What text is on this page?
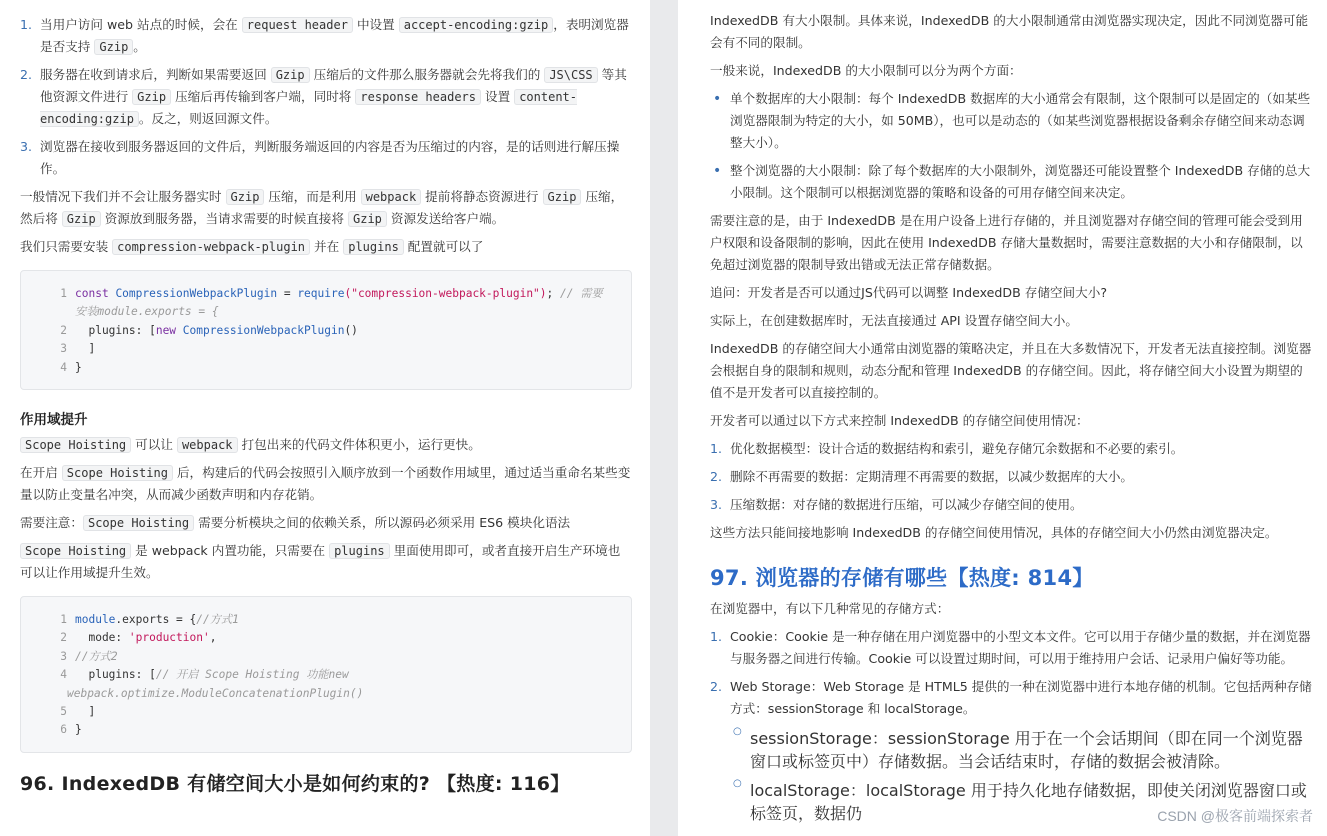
1. 当用户访问 web 站点的时候，会在 request header 中设置 accept-encoding:gzip ，表明浏览器是否支持 Gzip 。
2. 服务器在收到请求后，判断如果需要返回 Gzip 压缩后的文件那么服务器就会先将我们的 JS\CSS 等其他资源文件进行 Gzip 压缩后再传输到客户端，同时将 response headers 设置 content-encoding:gzip 。反之，则返回源文件。
3. 浏览器在接收到服务器返回的文件后，判断服务端返回的内容是否为压缩过的内容，是的话则进行解压操作。

一般情况下我们并不会让服务器实时 Gzip 压缩，而是利用 webpack 提前将静态资源进行 Gzip 压缩，然后将 Gzip 资源放到服务器，当请求需要的时候直接将 Gzip 资源发送给客户端。

我们只需要安装 compression-webpack-plugin 并在 plugins 配置就可以了

1 const CompressionWebpackPlugin = require("compression-webpack-plugin"); // 需要
安装module.exports = {
2  plugins: [new CompressionWebpackPlugin()
3  ]
4 }
作用域提升

Scope Hoisting 可以让 webpack 打包出来的代码文件体积更小，运行更快。

在开启 Scope Hoisting 后，构建后的代码会按照引入顺序放到一个函数作用域里，通过适当重命名某些变量以防止变量名冲突，从而减少函数声明和内存花销。

需要注意： Scope Hoisting 需要分析模块之间的依赖关系，所以源码必须采用 ES6 模块化语法

Scope Hoisting 是 webpack 内置功能，只需要在 plugins 里面使用即可，或者直接开启生产环境也可以让作用域提升生效。

1 module.exports = {//方式1
2  mode: 'production',
3 //方式2
4  plugins: [// 开启 Scope Hoisting 功能new
webpack.optimize.ModuleConcatenationPlugin()
5  ]
6 }
96. IndexedDB 有储空间大小是如何约束的? 【热度: 116】

IndexedDB 有大小限制。具体来说，IndexedDB 的大小限制通常由浏览器实现决定，因此不同浏览器可能会有不同的限制。

一般来说，IndexedDB 的大小限制可以分为两个方面：

• 单个数据库的大小限制：每个 IndexedDB 数据库的大小通常会有限制，这个限制可以是固定的（如某些浏览器限制为特定的大小，如 50MB），也可以是动态的（如某些浏览器根据设备剩余存储空间来动态调整大小）。
• 整个浏览器的大小限制：除了每个数据库的大小限制外，浏览器还可能设置整个 IndexedDB 存储的总大小限制。这个限制可以根据浏览器的策略和设备的可用存储空间来决定。

需要注意的是，由于 IndexedDB 是在用户设备上进行存储的，并且浏览器对存储空间的管理可能会受到用户权限和设备限制的影响，因此在使用 IndexedDB 存储大量数据时，需要注意数据的大小和存储限制，以免超过浏览器的限制导致出错或无法正常存储数据。

追问：开发者是否可以通过JS代码可以调整 IndexedDB 存储空间大小?

实际上，在创建数据库时，无法直接通过 API 设置存储空间大小。

IndexedDB 的存储空间大小通常由浏览器的策略决定，并且在大多数情况下，开发者无法直接控制。浏览器会根据自身的限制和规则，动态分配和管理 IndexedDB 的存储空间。因此，将存储空间大小设置为期望的值不是开发者可以直接控制的。

开发者可以通过以下方式来控制 IndexedDB 的存储空间使用情况：

1. 优化数据模型：设计合适的数据结构和索引，避免存储冗余数据和不必要的索引。
2. 删除不再需要的数据：定期清理不再需要的数据，以减少数据库的大小。
3. 压缩数据：对存储的数据进行压缩，可以减少存储空间的使用。

这些方法只能间接地影响 IndexedDB 的存储空间使用情况，具体的存储空间大小仍然由浏览器决定。

97. 浏览器的存储有哪些【热度: 814】

在浏览器中，有以下几种常见的存储方式：

1. Cookie：Cookie 是一种存储在用户浏览器中的小型文本文件。它可以用于存储少量的数据，并在浏览器与服务器之间进行传输。Cookie 可以设置过期时间，可以用于维持用户会话、记录用户偏好等功能。
2. Web Storage：Web Storage 是 HTML5 提供的一种在浏览器中进行本地存储的机制。它包括两种存储方式：sessionStorage 和 localStorage。
○ sessionStorage：sessionStorage 用于在一个会话期间（即在同一个浏览器窗口或标签页中）存储数据。当会话结束时，存储的数据会被清除。
○ localStorage：localStorage 用于持久化地存储数据，即使关闭浏览器窗口或标签页，数据仍	CSDN @极客前端探索者
